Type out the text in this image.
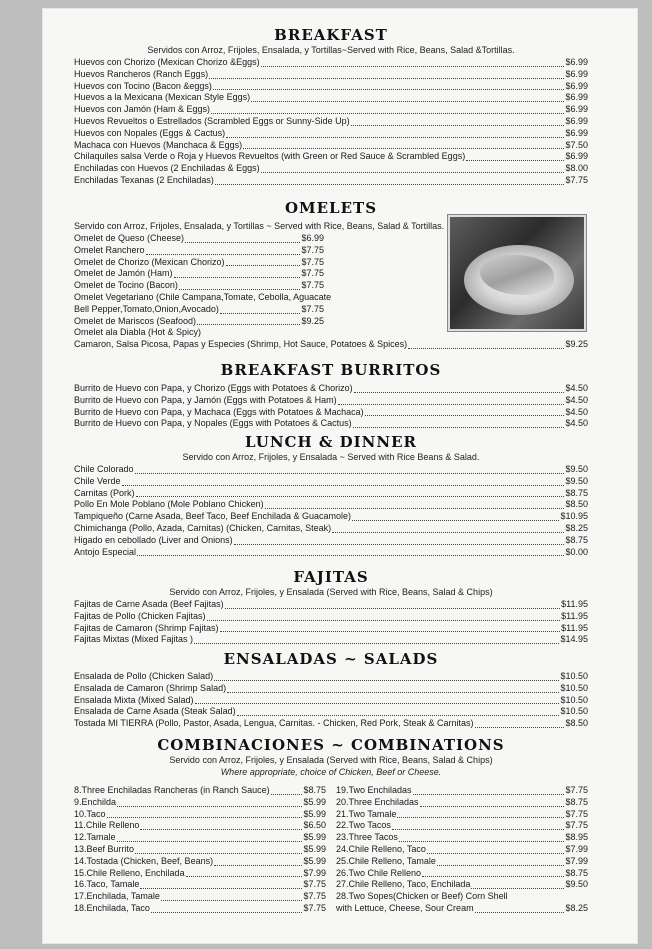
BREAKFAST
Servidos con Arroz, Frijoles, Ensalada, y Tortillas~Served with Rice, Beans, Salad &Tortillas.
Huevos con Chorizo (Mexican Chorizo &Eggs)	$6.99
Huevos Rancheros (Ranch Eggs)	$6.99
Huevos con Tocino (Bacon &eggs)	$6.99
Huevos a la Mexicana (Mexican Style Eggs)	$6.99
Huevos con Jamón (Ham & Eggs)	$6.99
Huevos Revueltos o Estrellados (Scrambled Eggs or Sunny-Side Up)	$6.99
Huevos con Nopales (Eggs & Cactus)	$6.99
Machaca con Huevos (Manchaca & Eggs)	$7.50
Chilaquiles salsa Verde o Roja y Huevos Revueltos (with Green or Red Sauce & Scrambled Eggs)	$6.99
Enchiladas con Huevos (2 Enchiladas & Eggs)	$8.00
Enchiladas Texanas (2 Enchiladas)	$7.75
OMELETS
Servido con Arroz, Frijoles, Ensalada, y Tortillas ~ Served with Rice, Beans, Salad & Tortillas.
Omelet de Queso (Cheese)	$6.99
Omelet Ranchero	$7.75
Omelet de Chorizo (Mexican Chorizo)	$7.75
Omelet de Jamón (Ham)	$7.75
Omelet de Tocino (Bacon)	$7.75
Omelet Vegetariano (Chile Campana,Tomate, Cebolla, Aguacate
Bell Pepper,Tomato,Onion,Avocado)	$7.75
Omelet de Mariscos (Seafood)	$9.25
Omelet ala Diabla (Hot & Spicy)
Camaron, Salsa Picosa, Papas y Especies (Shrimp, Hot Sauce, Potatoes & Spices)	$9.25
BREAKFAST BURRITOS
Burrito de Huevo con Papa, y Chorizo (Eggs with Potatoes & Chorizo)	$4.50
Burrito de Huevo con Papa, y Jamón (Eggs with Potatoes & Ham)	$4.50
Burrito de Huevo con Papa, y Machaca (Eggs with Potatoes & Machaca)	$4.50
Burrito de Huevo con Papa, y Nopales (Eggs with Potatoes & Cactus)	$4.50
LUNCH & DINNER
Servido con Arroz, Frijoles, y Ensalada ~ Served with Rice Beans & Salad.
Chile Colorado	$9.50
Chile Verde	$9.50
Carnitas (Pork)	$8.75
Pollo En Mole Poblano (Mole Poblano Chicken)	$8.50
Tampiqueño (Carne Asada, Beef Taco, Beef Enchilada & Guacamole)	$10.95
Chimichanga (Pollo, Azada, Carnitas) (Chicken, Carnitas, Steak)	$8.25
Higado en cebollado (Liver and Onions)	$8.75
Antojo Especial	$0.00
FAJITAS
Servido con Arroz, Frijoles, y Ensalada (Served with Rice, Beans, Salad & Chips)
Fajitas de Carne Asada (Beef Fajitas)	$11.95
Fajitas de Pollo (Chicken Fajitas)	$11.95
Fajitas de Camaron (Shrimp Fajitas)	$11.95
Fajitas Mixtas (Mixed Fajitas )	$14.95
ENSALADAS ~ SALADS
Ensalada de Pollo (Chicken Salad)	$10.50
Ensalada de Camaron (Shrimp Salad)	$10.50
Ensalada Mixta (Mixed Salad)	$10.50
Ensalada de Carne Asada (Steak Salad)	$10.50
Tostada MI TIERRA (Pollo, Pastor, Asada, Lengua, Carnitas. - Chicken, Red Pork, Steak & Carnitas)	$8.50
COMBINACIONES ~ COMBINATIONS
Servido con Arroz, Frijoles, y Ensalada (Served with Rice, Beans, Salad & Chips)
Where appropriate, choice of Chicken, Beef or Cheese.
8.Three Enchiladas Rancheras (in Ranch Sauce)	$8.75
9.Enchilda	$5.99
10.Taco	$5.99
11.Chile Relleno	$6.50
12.Tamale	$5.99
13.Beef Burrito	$5.99
14.Tostada (Chicken, Beef, Beans)	$5.99
15.Chile Relleno, Enchilada	$7.99
16.Taco, Tamale	$7.75
17.Enchilada, Tamale	$7.75
18.Enchilada, Taco	$7.75
19.Two Enchiladas	$7.75
20.Three Enchiladas	$8.75
21.Two Tamale	$7.75
22.Two Tacos	$7.75
23.Three Tacos	$8.95
24.Chile Relleno, Taco	$7.99
25.Chile Relleno, Tamale	$7.99
26.Two Chile Relleno	$8.75
27.Chile Relleno, Taco, Enchilada	$9.50
28.Two Sopes(Chicken or Beef) Corn Shell
with Lettuce, Cheese, Sour Cream	$8.25
